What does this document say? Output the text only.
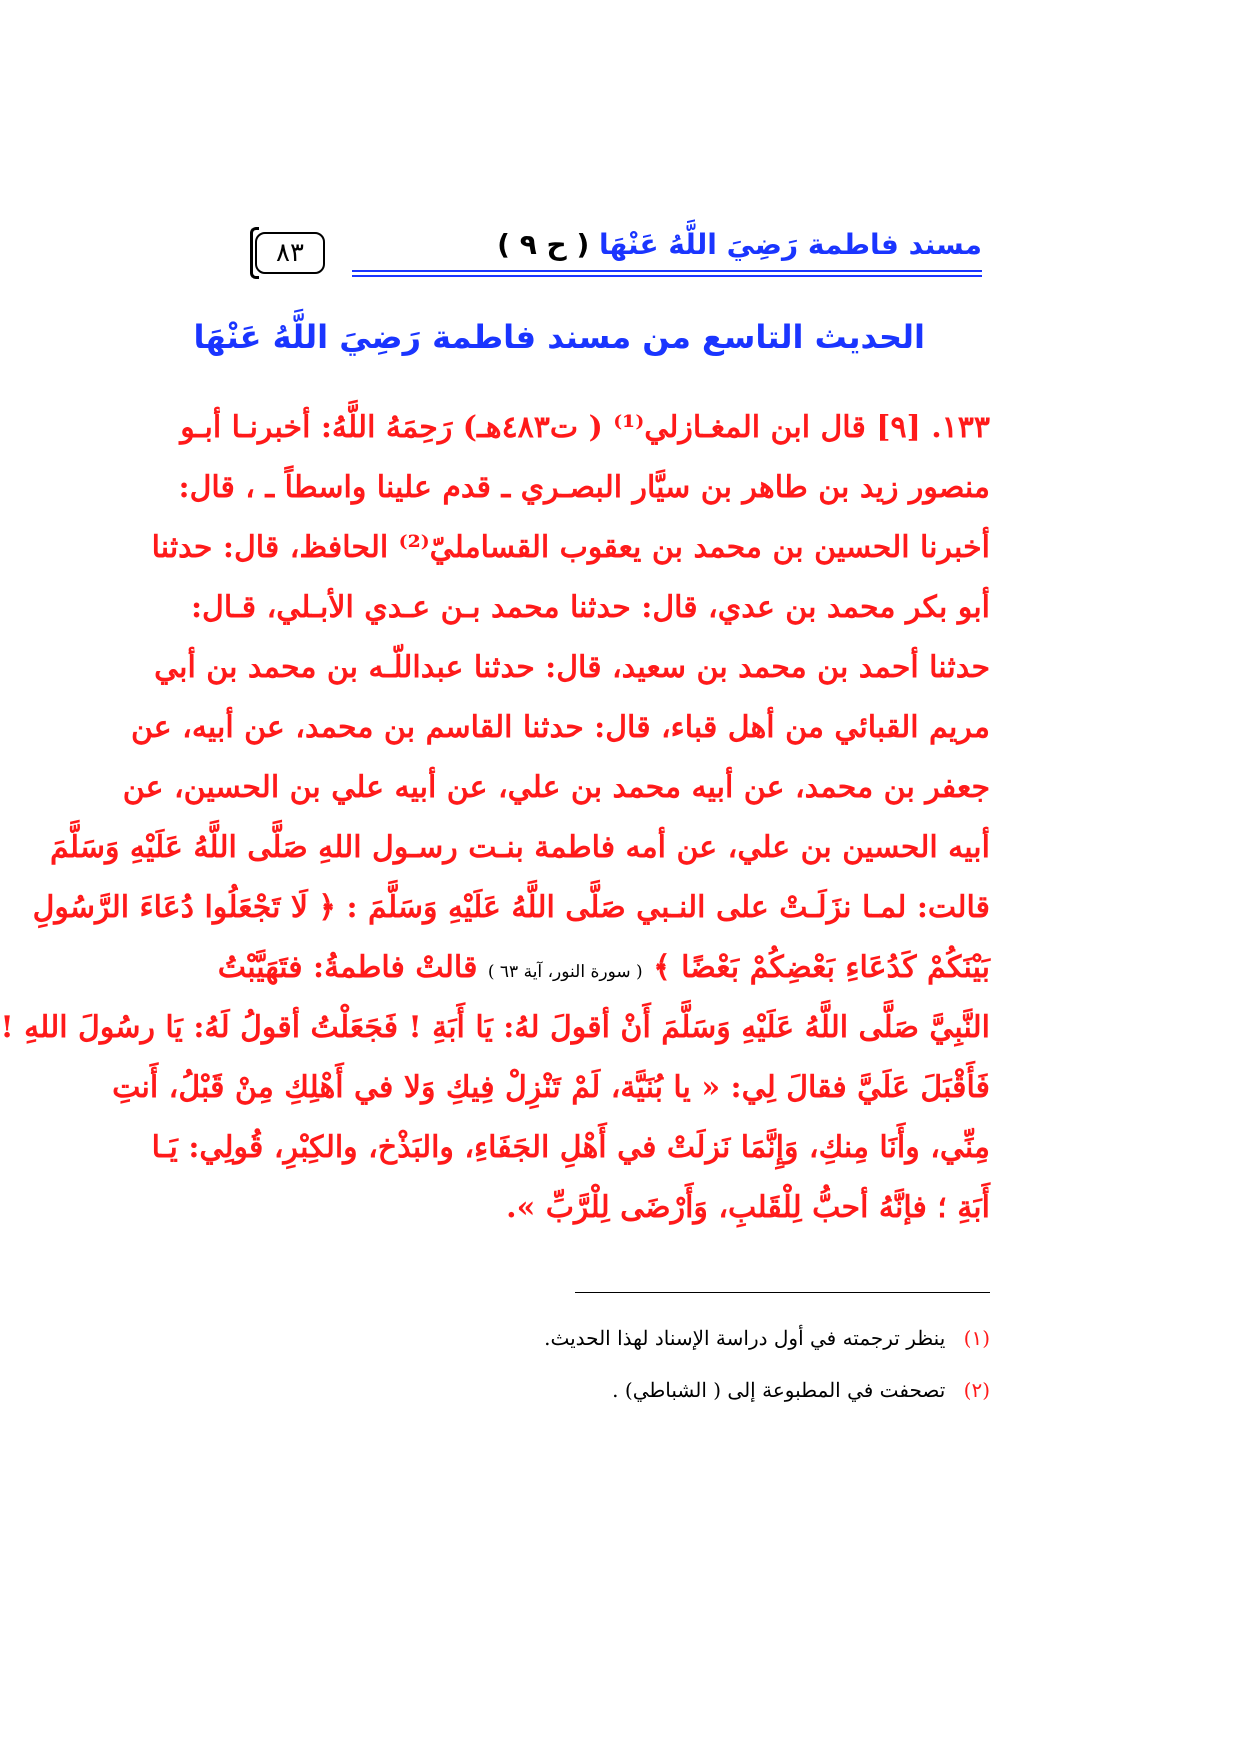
٨٣	مسند فاطمة رَضِيَ اللَّهُ عَنْهَا ( ح ٩ )
الحديث التاسع من مسند فاطمة رَضِيَ اللَّهُ عَنْهَا
١٣٣. [٩] قال ابن المغـازلي⁽¹⁾ ( ت٤٨٣هـ) رَحِمَهُ اللَّهُ: أخبرنـا أبـو
منصور زيد بن طاهر بن سيَّار البصـري ـ قدم علينا واسطاً ـ ، قال:
أخبرنا الحسين بن محمد بن يعقوب القسامليّ⁽²⁾ الحافظ، قال: حدثنا
أبو بكر محمد بن عدي، قال: حدثنا محمد بـن عـدي الأبـلي، قـال:
حدثنا أحمد بن محمد بن سعيد، قال: حدثنا عبداللّـه بن محمد بن أبي
مريم القبائي من أهل قباء، قال: حدثنا القاسم بن محمد، عن أبيه، عن
جعفر بن محمد، عن أبيه محمد بن علي، عن أبيه علي بن الحسين، عن
أبيه الحسين بن علي، عن أمه فاطمة بنـت رسـول اللهِ صَلَّى اللَّهُ عَلَيْهِ وَسَلَّمَ
قالت: لمـا نزَلَـتْ على النـبي صَلَّى اللَّهُ عَلَيْهِ وَسَلَّمَ : ﴿ لَا تَجْعَلُوا دُعَاءَ الرَّسُولِ
بَيْنَكُمْ كَدُعَاءِ بَعْضِكُمْ بَعْضًا ﴾ ( سورة النور، آية ٦٣ ) قالتْ فاطمةُ: فتَهَيَّبْتُ
النَّبِيَّ صَلَّى اللَّهُ عَلَيْهِ وَسَلَّمَ أَنْ أقولَ لهُ: يَا أَبَةِ ! فَجَعَلْتُ أقولُ لَهُ: يَا رسُولَ اللهِ !
فَأَقْبَلَ عَلَيَّ فقالَ لِي: « يا بُنَيَّة، لَمْ تَنْزِلْ فِيكِ وَلا في أَهْلِكِ مِنْ قَبْلُ، أَنتِ
مِنِّي، وأَنَا مِنكِ، وَإِنَّمَا نَزلَتْ في أَهْلِ الجَفَاءِ، والبَذْخ، والكِبْرِ، قُولِي: يَـا
أَبَةِ ؛ فإنَّهُ أحبُّ لِلْقَلبِ، وَأَرْضَى لِلْرَّبِّ ».
(١) ينظر ترجمته في أول دراسة الإسناد لهذا الحديث.
(٢) تصحفت في المطبوعة إلى ( الشباطي) .
